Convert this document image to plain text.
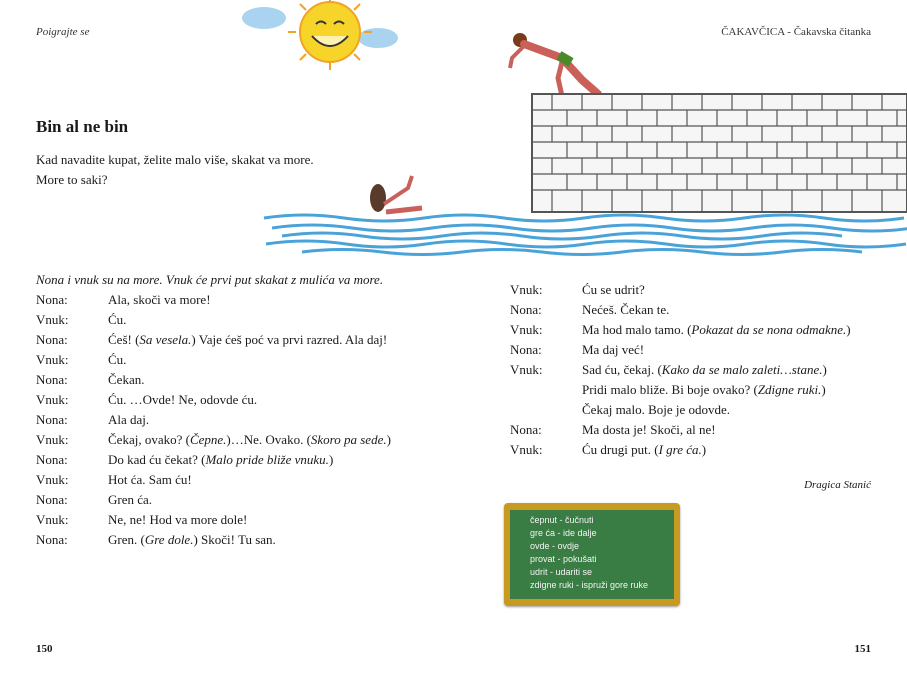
Poigrajte se	ČAKAVČICA - Čakavska čitanka
Bin al ne bin
Kad navadite kupat, želite malo više, skakat va more.
More to saki?
Nona i vnuk su na more. Vnuk će prvi put skakat z mulića va more.
Nona:	Ala, skoči va more!
Vnuk:	Ću.
Nona:	Ćeš! (Sa vesela.) Vaje ćeš poć va prvi razred. Ala daj!
Vnuk:	Ću.
Nona:	Čekan.
Vnuk:	Ću. …Ovde! Ne, odovde ću.
Nona:	Ala daj.
Vnuk:	Čekaj, ovako? (Čepne.)…Ne. Ovako. (Skoro pa sede.)
Nona:	Do kad ću čekat? (Malo pride bliže vnuku.)
Vnuk:	Hot ća. Sam ću!
Nona:	Gren ća.
Vnuk:	Ne, ne! Hod va more dole!
Nona:	Gren. (Gre dole.) Skoči! Tu san.
Vnuk:	Ću se udrit?
Nona:	Nećeš. Čekan te.
Vnuk:	Ma hod malo tamo. (Pokazat da se nona odmakne.)
Nona:	Ma daj već!
Vnuk:	Sad ću, čekaj. (Kako da se malo zaleti…stane.)
Pridi malo bliže. Bi boje ovako? (Zdigne ruki.)
Čekaj malo. Boje je odovde.
Nona:	Ma dosta je! Skoči, al ne!
Vnuk:	Ću drugi put. (I gre ća.)
Dragica Stanić
čepnut - čučnuti
gre ća - ide dalje
ovde - ovdje
provat - pokušati
udrit - udariti se
zdigne ruki - ispruži gore ruke
150	151
